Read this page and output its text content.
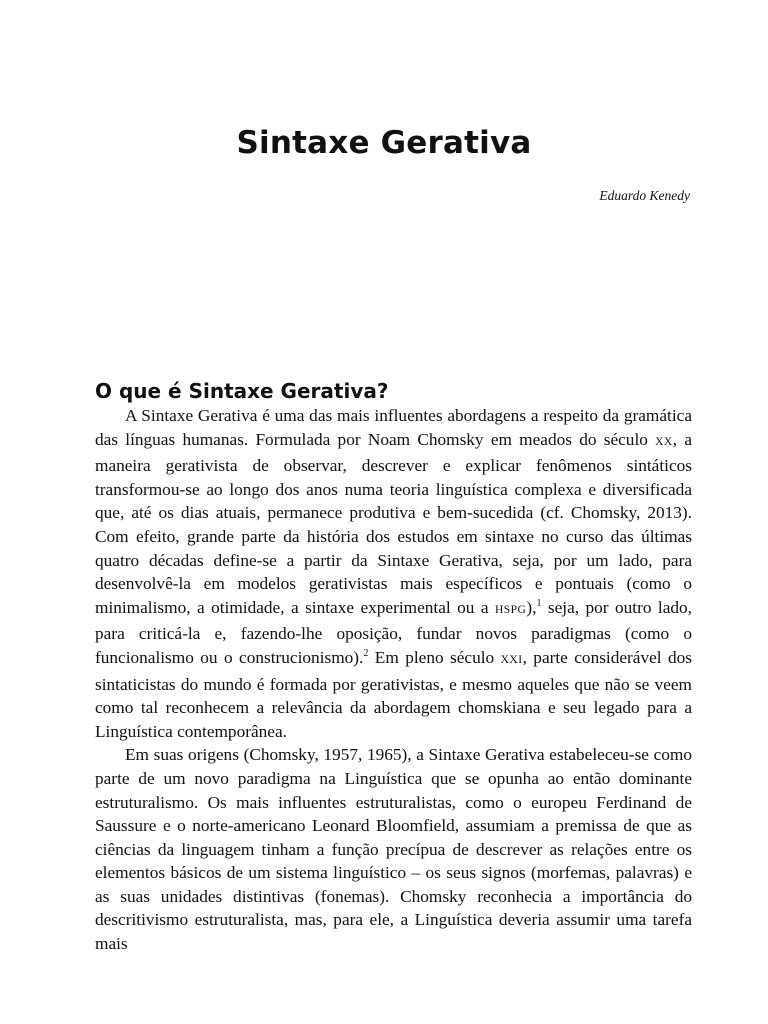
Sintaxe Gerativa
Eduardo Kenedy
O que é Sintaxe Gerativa?

A Sintaxe Gerativa é uma das mais influentes abordagens a respeito da gramática das línguas humanas. Formulada por Noam Chomsky em meados do século XX, a maneira gerativista de observar, descrever e explicar fenômenos sintáticos transformou-se ao longo dos anos numa teoria linguística complexa e diversificada que, até os dias atuais, permanece produtiva e bem-sucedida (cf. Chomsky, 2013). Com efeito, grande parte da história dos estudos em sintaxe no curso das últimas quatro décadas define-se a partir da Sintaxe Gerativa, seja, por um lado, para desenvolvê-la em modelos gerativistas mais específicos e pontuais (como o minimalismo, a otimidade, a sintaxe experimental ou a HSPG),$^1$ seja, por outro lado, para criticá-la e, fazendo-lhe oposição, fundar novos paradigmas (como o funcionalismo ou o construcionismo).$^2$ Em pleno século XXI, parte considerável dos sintaticistas do mundo é formada por gerativistas, e mesmo aqueles que não se veem como tal reconhecem a relevância da abordagem chomskiana e seu legado para a Linguística contemporânea.

Em suas origens (Chomsky, 1957, 1965), a Sintaxe Gerativa estabeleceu-se como parte de um novo paradigma na Linguística que se opunha ao então dominante estruturalismo. Os mais influentes estruturalistas, como o europeu Ferdinand de Saussure e o norte-americano Leonard Bloomfield, assumiam a premissa de que as ciências da linguagem tinham a função precípua de descrever as relações entre os elementos básicos de um sistema linguístico – os seus signos (morfemas, palavras) e as suas unidades distintivas (fonemas). Chomsky reconhecia a importância do descritivismo estruturalista, mas, para ele, a Linguística deveria assumir uma tarefa mais
